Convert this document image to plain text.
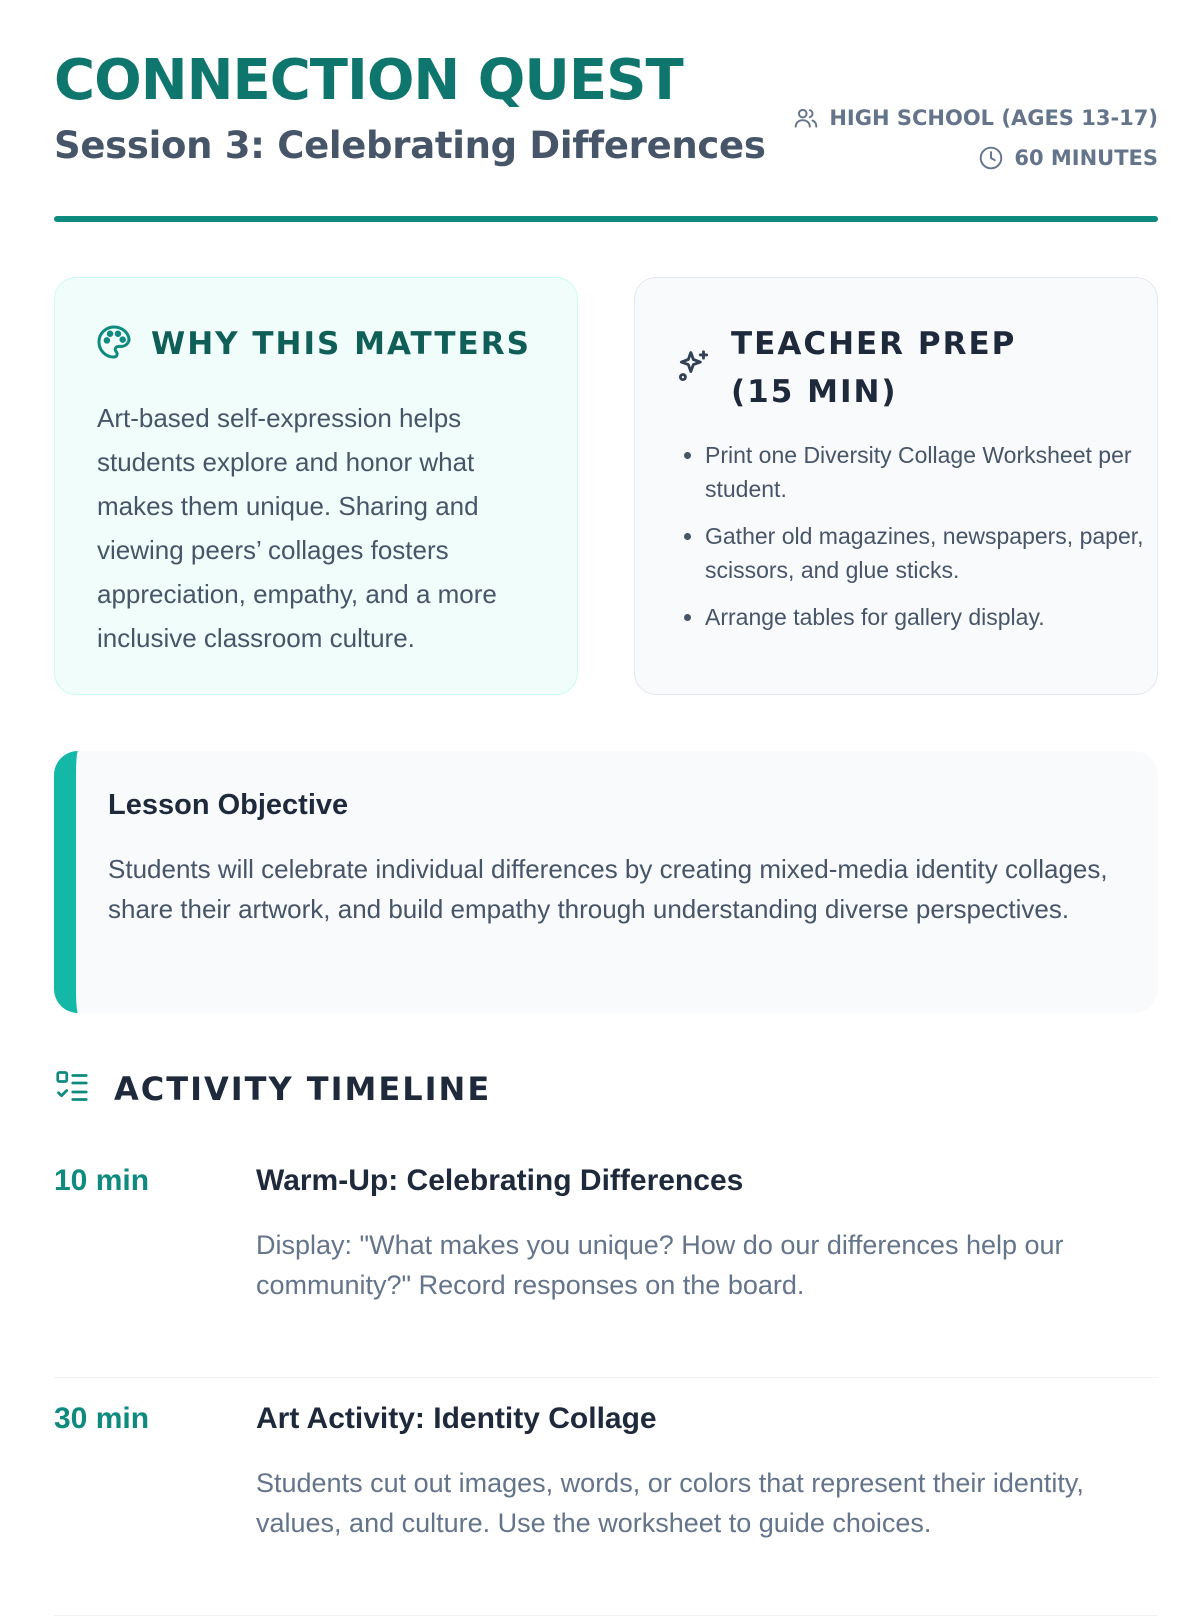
CONNECTION QUEST
Session 3: Celebrating Differences
HIGH SCHOOL (AGES 13-17)
60 MINUTES
WHY THIS MATTERS

Art-based self-expression helps students explore and honor what makes them unique. Sharing and viewing peers’ collages fosters appreciation, empathy, and a more inclusive classroom culture.

TEACHER PREP (15 MIN)
• Print one Diversity Collage Worksheet per student.
• Gather old magazines, newspapers, paper, scissors, and glue sticks.
• Arrange tables for gallery display.
Lesson Objective

Students will celebrate individual differences by creating mixed-media identity collages, share their artwork, and build empathy through understanding diverse perspectives.

ACTIVITY TIMELINE
10 min	Warm-Up: Celebrating Differences

Display: "What makes you unique? How do our differences help our community?" Record responses on the board.

30 min	Art Activity: Identity Collage

Students cut out images, words, or colors that represent their identity, values, and culture. Use the worksheet to guide choices.
